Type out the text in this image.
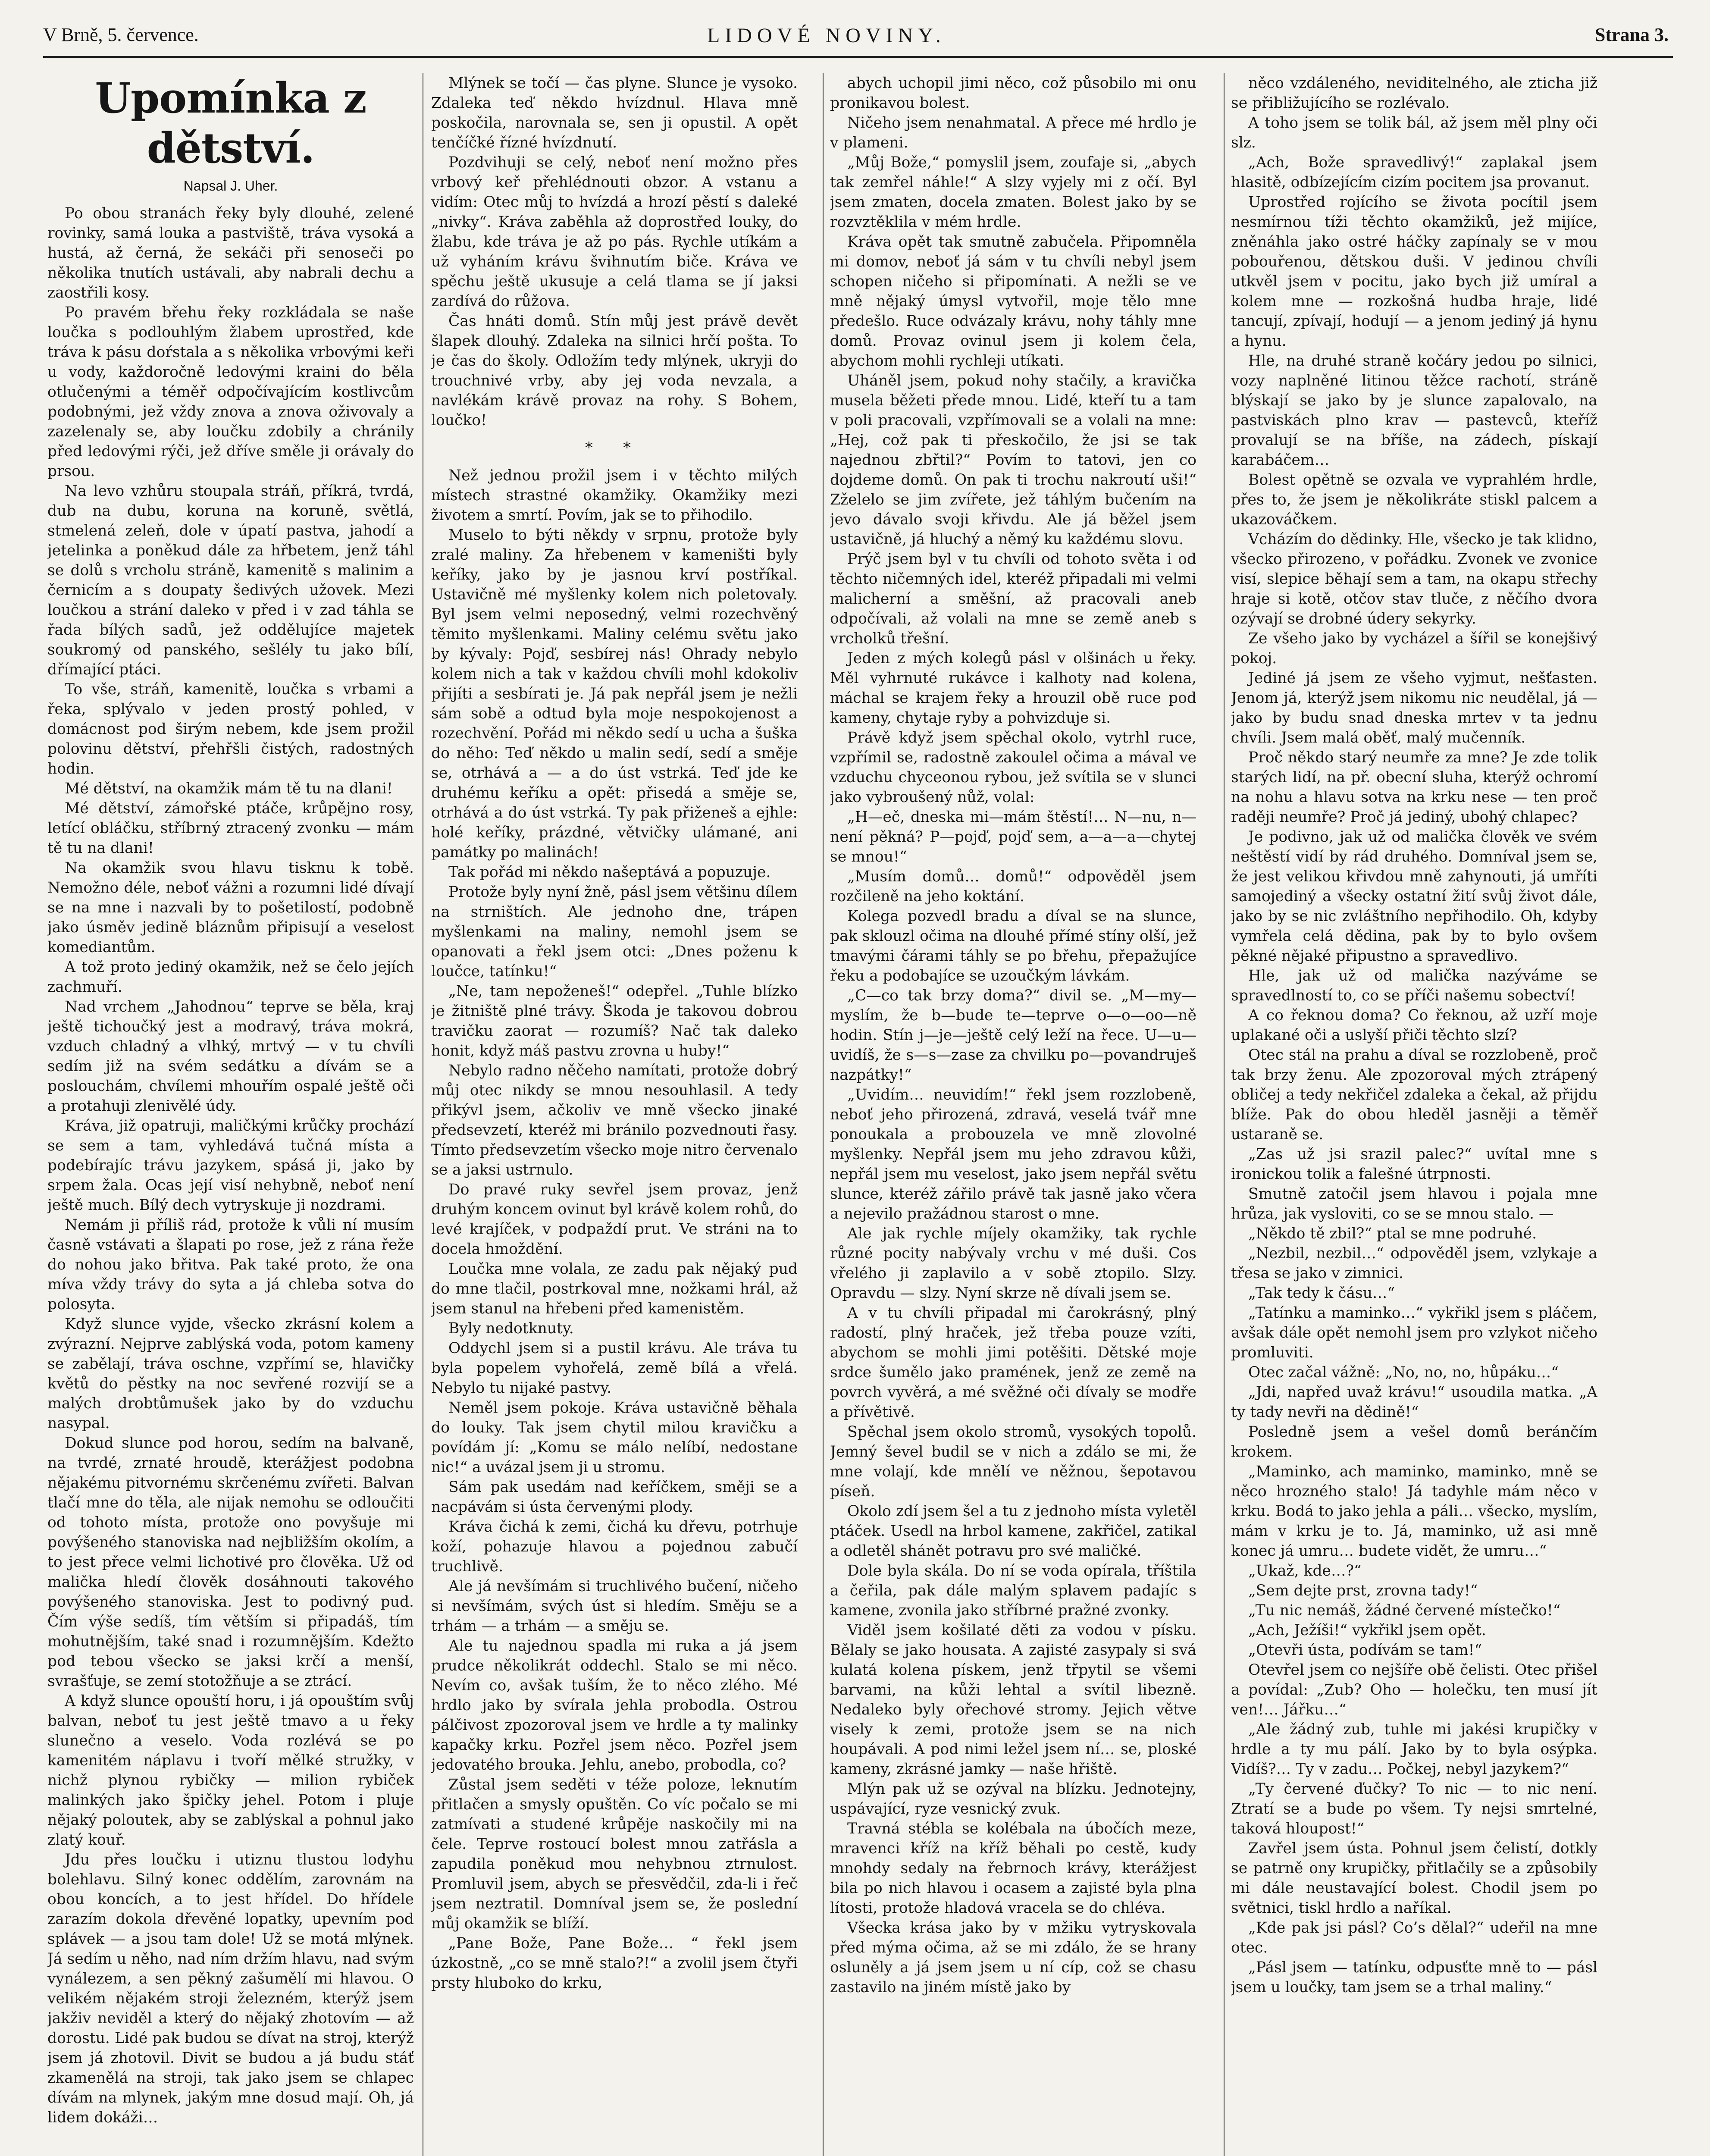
V Brně, 5. července.	LIDOVÉ NOVINY.	Strana 3.
Upomínka z dětství.
Napsal J. Uher.

Po obou stranách řeky byly dlouhé, zelené rovinky, samá louka a pastviště, tráva vysoká a hustá, až černá, že sekáči při senoseči po několika tnutích ustávali, aby nabrali dechu a zaostřili kosy.

Po pravém břehu řeky rozkládala se naše loučka s podlouhlým žlabem uprostřed, kde tráva k pásu doŕstala a s několika vrbovými keři u vody, každoročně ledovými kraini do běla otlučenými a téměř odpočívajícím kostlivcům podobnými, jež vždy znova a znova oživovaly a zazelenaly se, aby loučku zdobily a chránily před ledovými rýči, jež dříve směle ji orávaly do prsou.

Na levo vzhůru stoupala stráň, příkrá, tvrdá, dub na dubu, koruna na koruně, světlá, stmelená zeleň, dole v úpatí pastva, jahodí a jetelinka a poněkud dále za hřbetem, jenž táhl se dolů s vrcholu stráně, kamenitě s malinim a černicím a s doupaty šedivých užovek. Mezi loučkou a strání daleko v před i v zad táhla se řada bílých sadů, jež oddělujíce majetek soukromý od panského, sešlély tu jako bílí, dřímající ptáci.

To vše, stráň, kamenitě, loučka s vrbami a řeka, splývalo v jeden prostý pohled, v domácnost pod širým nebem, kde jsem prožil polovinu dětství, přehřšli čistých, radostných hodin.

Mé dětství, na okamžik mám tě tu na dlani!

Mé dětství, zámořské ptáče, krůpějno rosy, letící obláčku, stříbrný ztracený zvonku — mám tě tu na dlani!

Na okamžik svou hlavu tisknu k tobě. Nemožno déle, neboť vážni a rozumni lidé dívají se na mne i nazvali by to pošetilostí, podobně jako úsměv jedině bláznům připisují a veselost komediantům.

A tož proto jediný okamžik, než se čelo jejích zachmuří.

Nad vrchem „Jahodnou“ teprve se běla, kraj ještě tichoučký jest a modravý, tráva mokrá, vzduch chladný a vlhký, mrtvý — v tu chvíli sedím již na svém sedátku a dívám se a poslouchám, chvílemi mhouřím ospalé ještě oči a protahuji zlenivělé údy.

Kráva, již opatruji, maličkými krůčky prochází se sem a tam, vyhledává tučná místa a podebírajíc trávu jazykem, spásá ji, jako by srpem žala. Ocas její visí nehybně, neboť není ještě much. Bílý dech vytryskuje ji nozdrami.

Nemám ji příliš rád, protože k vůli ní musím časně vstávati a šlapati po rose, jež z rána řeže do nohou jako břitva. Pak také proto, že ona míva vždy trávy do syta a já chleba sotva do polosyta.

Když slunce vyjde, všecko zkrásní kolem a zvýrazní. Nejprve zablýská voda, potom kameny se zabělají, tráva oschne, vzpřímí se, hlavičky květů do pěstky na noc sevřené rozvijí se a malých drobtůmušek jako by do vzduchu nasypal.

Dokud slunce pod horou, sedím na balvaně, na tvrdé, zrnaté hroudě, kterážjest podobna nějakému pitvornému skrčenému zvířeti. Balvan tlačí mne do těla, ale nijak nemohu se odloučiti od tohoto místa, protože ono povyšuje mi povýšeného stanoviska nad nejbližším okolím, a to jest přece velmi lichotivé pro člověka. Už od malička hledí člověk dosáhnouti takového povýšeného stanoviska. Jest to podivný pud. Čím výše sedíš, tím větším si připadáš, tím mohutnějším, také snad i rozumnějším. Kdežto pod tebou všecko se jaksi krčí a menší, svrašťuje, se zemí stotožňuje a se ztrácí.

A když slunce opouští horu, i já opouštím svůj balvan, neboť tu jest ještě tmavo a u řeky slunečno a veselo. Voda rozlévá se po kamenitém náplavu i tvoří mělké stružky, v nichž plynou rybičky — milion rybiček malinkých jako špičky jehel. Potom i pluje nějaký poloutek, aby se zablýskal a pohnul jako zlatý kouř.

Jdu přes loučku i utiznu tlustou lodyhu bolehlavu. Silný konec oddělím, zarovnám na obou koncích, a to jest hřídel. Do hřídele zarazím dokola dřevěné lopatky, upevním pod splávek — a jsou tam dole! Už se motá mlýnek. Já sedím u něho, nad ním držím hlavu, nad svým vynálezem, a sen pěkný zašumělí mi hlavou. O velikém nějakém stroji železném, kterýž jsem jakživ neviděl a který do nějaký zhotovím — až dorostu. Lidé pak budou se dívat na stroj, kterýž jsem já zhotovil. Divit se budou a já budu stáť zkamenělá na stroji, tak jako jsem se chlapec dívám na mlynek, jakým mne dosud mají. Oh, já lidem dokáži…

Mlýnek se točí — čas plyne. Slunce je vysoko. Zdaleka teď někdo hvízdnul. Hlava mně poskočila, narovnala se, sen ji opustil. A opět tenčíčké řízné hvízdnutí.

Pozdvihuji se celý, neboť není možno přes vrbový keř přehlédnouti obzor. A vstanu a vidím: Otec můj to hvízdá a hrozí pěstí s daleké „nivky“. Kráva zaběhla až doprostřed louky, do žlabu, kde tráva je až po pás. Rychle utíkám a už vyháním krávu švihnutím biče. Kráva ve spěchu ještě ukusuje a celá tlama se jí jaksi zardívá do růžova.

Čas hnáti domů. Stín můj jest právě devět šlapek dlouhý. Zdaleka na silnici hrčí pošta. To je čas do školy. Odložím tedy mlýnek, ukryji do trouchnivé vrby, aby jej voda nevzala, a navlékám krávě provaz na rohy. S Bohem, loučko!

* *

Než jednou prožil jsem i v těchto milých místech strastné okamžiky. Okamžiky mezi životem a smrtí. Povím, jak se to přihodilo.

Muselo to býti někdy v srpnu, protože byly zralé maliny. Za hřebenem v kameništi byly keříky, jako by je jasnou krví postříkal. Ustavičně mé myšlenky kolem nich poletovaly. Byl jsem velmi neposedný, velmi rozechvěný těmito myšlenkami. Maliny celému světu jako by kývaly: Pojď, sesbírej nás! Ohrady nebylo kolem nich a tak v každou chvíli mohl kdokoliv přijíti a sesbírati je. Já pak nepřál jsem je nežli sám sobě a odtud byla moje nespokojenost a rozechvění. Pořád mi někdo sedí u ucha a šuška do něho: Teď někdo u malin sedí, sedí a směje se, otrhává a — a do úst vstrká. Teď jde ke druhému keříku a opět: přisedá a směje se, otrhává a do úst vstrká. Ty pak přiženeš a ejhle: holé keříky, prázdné, větvičky ulámané, ani památky po malinách!

Tak pořád mi někdo našeptává a popuzuje.

Protože byly nyní žně, pásl jsem většinu dílem na strništích. Ale jednoho dne, trápen myšlenkami na maliny, nemohl jsem se opanovati a řekl jsem otci: „Dnes poženu k loučce, tatínku!“

„Ne, tam nepoženeš!“ odepřel. „Tuhle blízko je žitniště plné trávy. Škoda je takovou dobrou travičku zaorat — rozumíš? Nač tak daleko honit, když máš pastvu zrovna u huby!“

Nebylo radno něčeho namítati, protože dobrý můj otec nikdy se mnou nesouhlasil. A tedy přikývl jsem, ačkoliv ve mně všecko jinaké předsevzetí, kteréž mi bránilo pozvednouti řasy. Tímto předsevzetím všecko moje nitro červenalo se a jaksi ustrnulo.

Do pravé ruky sevřel jsem provaz, jenž druhým koncem ovinut byl krávě kolem rohů, do levé krajíček, v podpaždí prut. Ve stráni na to docela hmoždění.

Loučka mne volala, ze zadu pak nějaký pud do mne tlačil, postrkoval mne, nožkami hrál, až jsem stanul na hřebeni před kamenistěm.

Byly nedotknuty.

Oddychl jsem si a pustil krávu. Ale tráva tu byla popelem vyhořelá, země bílá a vřelá. Nebylo tu nijaké pastvy.

Neměl jsem pokoje. Kráva ustavičně běhala do louky. Tak jsem chytil milou kravičku a povídám jí: „Komu se málo nelíbí, nedostane nic!“ a uvázal jsem ji u stromu.

Sám pak usedám nad keříčkem, směji se a nacpávám si ústa červenými plody.

Kráva čichá k zemi, čichá ku dřevu, potrhuje koží, pohazuje hlavou a pojednou zabučí truchlivě.

Ale já nevšímám si truchlivého bučení, ničeho si nevšímám, svých úst si hledím. Směju se a trhám — a trhám — a směju se.

Ale tu najednou spadla mi ruka a já jsem prudce několikrát oddechl. Stalo se mi něco. Nevím co, avšak tuším, že to něco zlého. Mé hrdlo jako by svírala jehla probodla. Ostrou pálčivost zpozoroval jsem ve hrdle a ty malinky kapačky krku. Pozřel jsem něco. Pozřel jsem jedovatého brouka. Jehlu, anebo, probodla, co?

Zůstal jsem seděti v téže poloze, leknutím přitlačen a smysly opuštěn. Co víc počalo se mi zatmívati a studené krůpěje naskočily mi na čele. Teprve rostoucí bolest mnou zatřásla a zapudila poněkud mou nehybnou ztrnulost. Promluvil jsem, abych se přesvědčil, zda-li i řeč jsem neztratil. Domníval jsem se, že poslední můj okamžik se blíží.

„Pane Bože, Pane Bože… “ řekl jsem úzkostně, „co se mně stalo?!“ a zvolil jsem čtyři prsty hluboko do krku,

abych uchopil jimi něco, což působilo mi onu pronikavou bolest.

Ničeho jsem nenahmatal. A přece mé hrdlo je v plameni.

„Můj Bože,“ pomyslil jsem, zoufaje si, „abych tak zemřel náhle!“ A slzy vyjely mi z očí. Byl jsem zmaten, docela zmaten. Bolest jako by se rozvztěklila v mém hrdle.

Kráva opět tak smutně zabučela. Připomněla mi domov, neboť já sám v tu chvíli nebyl jsem schopen ničeho si připomínati. A nežli se ve mně nějaký úmysl vytvořil, moje tělo mne předešlo. Ruce odvázaly krávu, nohy táhly mne domů. Provaz ovinul jsem ji kolem čela, abychom mohli rychleji utíkati.

Uháněl jsem, pokud nohy stačily, a kravička musela běžeti přede mnou. Lidé, kteří tu a tam v poli pracovali, vzpřímovali se a volali na mne: „Hej, což pak ti přeskočilo, že jsi se tak najednou zbřtil?“ Povím to tatovi, jen co dojdeme domů. On pak ti trochu nakroutí uši!“ Zželelo se jim zvířete, jež táhlým bučením na jevo dávalo svoji křivdu. Ale já běžel jsem ustavičně, já hluchý a němý ku každému slovu.

Prýč jsem byl v tu chvíli od tohoto světa i od těchto ničemných idel, kteréž připadali mi velmi malicherní a směšní, až pracovali aneb odpočívali, až volali na mne se země aneb s vrcholků třešní.

Jeden z mých kolegů pásl v olšinách u řeky. Měl vyhrnuté rukávce i kalhoty nad kolena, máchal se krajem řeky a hrouzil obě ruce pod kameny, chytaje ryby a pohvizduje si.

Právě když jsem spěchal okolo, vytrhl ruce, vzpřímil se, radostně zakoulel očima a mával ve vzduchu chyceonou rybou, jež svítila se v slunci jako vybroušený nůž, volal:

„H—eč, dneska mi—mám štěstí!… N—nu, n—není pěkná? P—pojď, pojď sem, a—a—a—chytej se mnou!“

„Musím domů… domů!“ odpověděl jsem rozčileně na jeho koktání.

Kolega pozvedl bradu a díval se na slunce, pak sklouzl očima na dlouhé přímé stíny olší, jež tmavými čárami táhly se po břehu, přepažujíce řeku a podobajíce se uzoučkým lávkám.

„C—co tak brzy doma?“ divil se. „M—my—myslím, že b—bude te—teprve o—o—oo—ně hodin. Stín j—je—ještě celý leží na řece. U—u—uvidíš, že s—s—zase za chvilku po—povandruješ nazpátky!“

„Uvidím… neuvidím!“ řekl jsem rozzlobeně, neboť jeho přirozená, zdravá, veselá tvář mne ponoukala a probouzela ve mně zlovolné myšlenky. Nepřál jsem mu jeho zdravou kůži, nepřál jsem mu veselost, jako jsem nepřál světu slunce, kteréž zářilo právě tak jasně jako včera a nejevilo pražádnou starost o mne.

Ale jak rychle míjely okamžiky, tak rychle různé pocity nabývaly vrchu v mé duši. Cos vřelého ji zaplavilo a v sobě ztopilo. Slzy. Opravdu — slzy. Nyní skrze ně dívali jsem se.

A v tu chvíli připadal mi čarokrásný, plný radostí, plný hraček, jež třeba pouze vzíti, abychom se mohli jimi potěšiti. Dětské moje srdce šumělo jako pramének, jenž ze země na povrch vyvěrá, a mé svěžné oči dívaly se modře a přívětivě.

Spěchal jsem okolo stromů, vysokých topolů. Jemný ševel budil se v nich a zdálo se mi, že mne volají, kde mnělí ve něžnou, šepotavou píseň.

Okolo zdí jsem šel a tu z jednoho místa vyletěl ptáček. Usedl na hrbol kamene, zakřičel, zatikal a odletěl shánět potravu pro své maličké.

Dole byla skála. Do ní se voda opírala, tříštila a čeřila, pak dále malým splavem padajíc s kamene, zvonila jako stříbrné pražné zvonky.

Viděl jsem košilaté děti za vodou v písku. Bělaly se jako housata. A zajisté zasypaly si svá kulatá kolena pískem, jenž třpytil se všemi barvami, na kůži lehtal a svítil libezně. Nedaleko byly ořechové stromy. Jejich větve visely k zemi, protože jsem se na nich houpávali. A pod nimi ležel jsem ní… se, ploské kameny, zkrásné jamky — naše hřiště.

Mlýn pak už se ozýval na blízku. Jednotejny, uspávající, ryze vesnický zvuk.

Travná stébla se kolébala na úbočích meze, mravenci kříž na kříž běhali po cestě, kudy mnohdy sedaly na řebrnoch krávy, kterážjest bila po nich hlavou i ocasem a zajisté byla plna lítosti, protože hladová vracela se do chléva.

Všecka krása jako by v mžiku vytryskovala před mýma očima, až se mi zdálo, že se hrany osluněly a já jsem jsem u ní cíp, což se chasu zastavilo na jiném místě jako by

něco vzdáleného, neviditelného, ale zticha již se přibližujícího se rozlévalo.

A toho jsem se tolik bál, až jsem měl plny oči slz.

„Ach, Bože spravedlivý!“ zaplakal jsem hlasitě, odbízejícím cizím pocitem jsa provanut.

Uprostřed rojícího se života pocítil jsem nesmírnou tíži těchto okamžiků, jež mijíce, zněnáhla jako ostré háčky zapínaly se v mou pobouřenou, dětskou duši. V jedinou chvíli utkvěl jsem v pocitu, jako bych již umíral a kolem mne — rozkošná hudba hraje, lidé tancují, zpívají, hodují — a jenom jediný já hynu a hynu.

Hle, na druhé straně kočáry jedou po silnici, vozy naplněné litinou těžce rachotí, stráně blýskají se jako by je slunce zapalovalo, na pastviskách plno krav — pastevců, kteříž provalují se na bříše, na zádech, pískají karabáčem…

Bolest opětně se ozvala ve vyprahlém hrdle, přes to, že jsem je několikráte stiskl palcem a ukazováčkem.

Vcházím do dědinky. Hle, všecko je tak klidno, všecko přirozeno, v pořádku. Zvonek ve zvonice visí, slepice běhají sem a tam, na okapu střechy hraje si kotě, otčov stav tluče, z něčího dvora ozývají se drobné údery sekyrky.

Ze všeho jako by vycházel a šířil se konejšivý pokoj.

Jediné já jsem ze všeho vyjmut, nešťasten. Jenom já, kterýž jsem nikomu nic neudělal, já — jako by budu snad dneska mrtev v ta jednu chvíli. Jsem malá oběť, malý mučenník.

Proč někdo starý neumře za mne? Je zde tolik starých lidí, na př. obecní sluha, kterýž ochromí na nohu a hlavu sotva na krku nese — ten proč raději neumře? Proč já jediný, ubohý chlapec?

Je podivno, jak už od malička člověk ve svém neštěstí vidí by rád druhého. Domníval jsem se, že jest velikou křivdou mně zahynouti, já umříti samojediný a všecky ostatní žití svůj život dále, jako by se nic zvláštního nepřihodilo. Oh, kdyby vymřela celá dědina, pak by to bylo ovšem pěkné nějaké připustno a spravedlivo.

Hle, jak už od malička nazýváme se spravedlností to, co se příči našemu sobectví!

A co řeknou doma? Co řeknou, až uzří moje uplakané oči a uslyší přiči těchto slzí?

Otec stál na prahu a díval se rozzlobeně, proč tak brzy ženu. Ale zpozoroval mých ztrápený obličej a tedy nekřičel zdaleka a čekal, až přijdu blíže. Pak do obou hleděl jasněji a těměř ustaraně se.

„Zas už jsi srazil palec?“ uvítal mne s ironickou tolik a falešné útrpnosti.

Smutně zatočil jsem hlavou i pojala mne hrůza, jak vysloviti, co se se mnou stalo. —

„Někdo tě zbil?“ ptal se mne podruhé.

„Nezbil, nezbil…“ odpověděl jsem, vzlykaje a třesa se jako v zimnici.

„Tak tedy k čásu…“

„Tatínku a maminko…“ vykřikl jsem s pláčem, avšak dále opět nemohl jsem pro vzlykot ničeho promluviti.

Otec začal vážně: „No, no, no, hůpáku…“

„Jdi, napřed uvaž krávu!“ usoudila matka. „A ty tady nevři na dědině!“

Posledně jsem a vešel domů beránčím krokem.

„Maminko, ach maminko, maminko, mně se něco hrozného stalo! Já tadyhle mám něco v krku. Bodá to jako jehla a páli… všecko, myslím, mám v krku je to. Já, maminko, už asi mně konec já umru… budete vidět, že umru…“

„Ukaž, kde…?“

„Sem dejte prst, zrovna tady!“

„Tu nic nemáš, žádné červené místečko!“

„Ach, Ježíši!“ vykřikl jsem opět.

„Otevři ústa, podívám se tam!“

Otevřel jsem co nejšíře obě čelisti. Otec přišel a povídal: „Zub? Oho — holečku, ten musí jít ven!… Jářku…“

„Ale žádný zub, tuhle mi jakési krupičky v hrdle a ty mu pálí. Jako by to byla osýpka. Vidíš?… Ty v zadu… Počkej, nebyl jazykem?“

„Ty červené ďučky? To nic — to nic není. Ztratí se a bude po všem. Ty nejsi smrtelné, taková hloupost!“

Zavřel jsem ústa. Pohnul jsem čelistí, dotkly se patrně ony krupičky, přitlačily se a způsobily mi dále neustavající bolest. Chodil jsem po světnici, tiskl hrdlo a naříkal.

„Kde pak jsi pásl? Co’s dělal?“ udeřil na mne otec.

„Pásl jsem — tatínku, odpusťte mně to — pásl jsem u loučky, tam jsem se a trhal maliny.“
